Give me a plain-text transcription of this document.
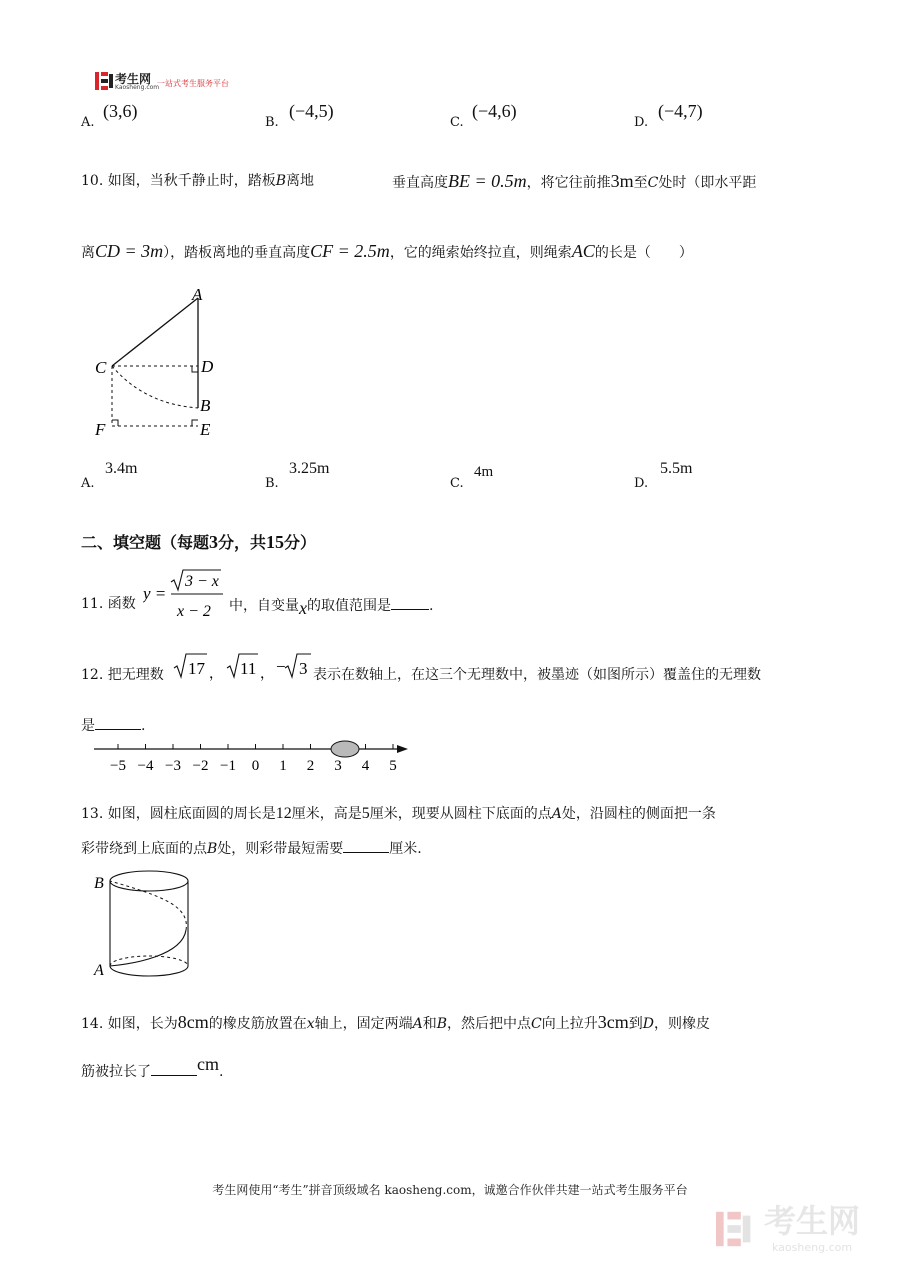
考生网
Kaosheng.com
一站式考生服务平台
A.
(3,6)
B.
(−4,5)
C.
(−4,6)
D.
(−4,7)
10. 如图，当秋千静止时，踏板B离地	垂直高度BE = 0.5m，将它往前推3m至C处时（即水平距
离CD = 3m），踏板离地的垂直高度CF = 2.5m，它的绳索始终拉直，则绳索AC的长是（　　）
A
C	D
B
F	E
A.
3.4m
B.
3.25m
C.
4m
D.
5.5m
二、填空题（每题3分，共15分）
11. 函数
y =
3 − x
x − 2 中，自变量x的取值范围是	.
12. 把无理数 17 ， 11 ， − 3 表示在数轴上，在这三个无理数中，被墨迹（如图所示）覆盖住的无理数
是	.
−5 −4 −3 −2 −1 0 1 2 3 4 5
13. 如图，圆柱底面圆的周长是12厘米，高是5厘米，现要从圆柱下底面的点A处，沿圆柱的侧面把一条
彩带绕到上底面的点B处，则彩带最短需要	厘米.
B
A
14. 如图，长为8cm的橡皮筋放置在x轴上，固定两端A和B，然后把中点C向上拉升3cm到D，则橡皮
筋被拉长了	cm.
考生网使用“考生”拼音顶级域名 kaosheng.com，诚邀合作伙伴共建一站式考生服务平台
考生网
kaosheng.com
